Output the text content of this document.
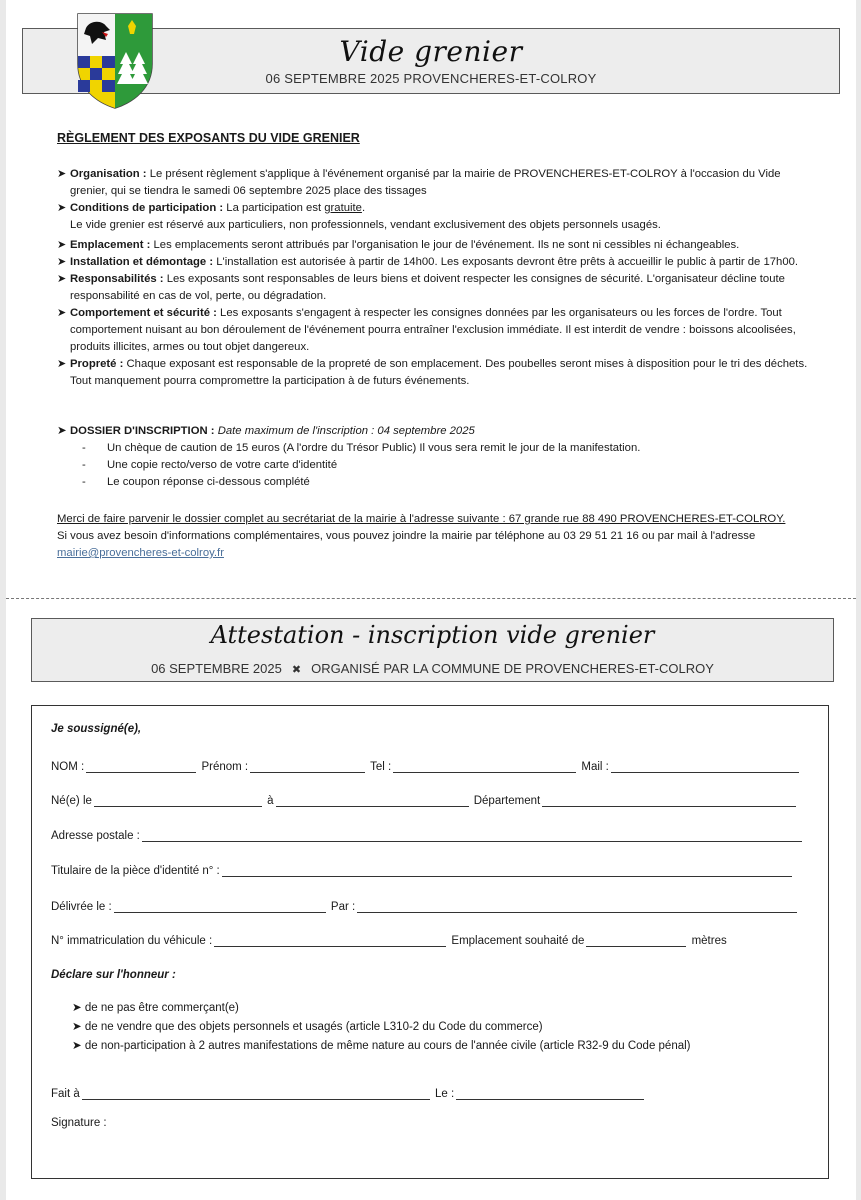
Vide grenier
06 SEPTEMBRE 2025 PROVENCHERES-ET-COLROY
RÈGLEMENT DES EXPOSANTS DU VIDE GRENIER
➤ Organisation : Le présent règlement s'applique à l'événement organisé par la mairie de PROVENCHERES-ET-COLROY à l'occasion du Vide grenier, qui se tiendra le samedi 06 septembre 2025 place des tissages
➤ Conditions de participation : La participation est gratuite.
Le vide grenier est réservé aux particuliers, non professionnels, vendant exclusivement des objets personnels usagés.
➤ Emplacement : Les emplacements seront attribués par l'organisation le jour de l'événement. Ils ne sont ni cessibles ni échangeables.
➤ Installation et démontage : L'installation est autorisée à partir de 14h00. Les exposants devront être prêts à accueillir le public à partir de 17h00.
➤ Responsabilités : Les exposants sont responsables de leurs biens et doivent respecter les consignes de sécurité. L'organisateur décline toute responsabilité en cas de vol, perte, ou dégradation.
➤ Comportement et sécurité : Les exposants s'engagent à respecter les consignes données par les organisateurs ou les forces de l'ordre. Tout comportement nuisant au bon déroulement de l'événement pourra entraîner l'exclusion immédiate. Il est interdit de vendre : boissons alcoolisées, produits illicites, armes ou tout objet dangereux.
➤ Propreté : Chaque exposant est responsable de la propreté de son emplacement. Des poubelles seront mises à disposition pour le tri des déchets. Tout manquement pourra compromettre la participation à de futurs événements.
➤ DOSSIER D'INSCRIPTION : Date maximum de l'inscription : 04 septembre 2025
- Un chèque de caution de 15 euros (A l'ordre du Trésor Public) Il vous sera remit le jour de la manifestation.
- Une copie recto/verso de votre carte d'identité
- Le coupon réponse ci-dessous complété
Merci de faire parvenir le dossier complet au secrétariat de la mairie à l'adresse suivante : 67 grande rue 88 490 PROVENCHERES-ET-COLROY.
Si vous avez besoin d'informations complémentaires, vous pouvez joindre la mairie par téléphone au 03 29 51 21 16 ou par mail à l'adresse
mairie@provencheres-et-colroy.fr
Attestation - inscription vide grenier
06 SEPTEMBRE 2025 ✖ ORGANISÉ PAR LA COMMUNE DE PROVENCHERES-ET-COLROY
Je soussigné(e),
NOM :	Prénom :	Tel :	Mail :
Né(e) le	à	Département
Adresse postale :
Titulaire de la pièce d'identité n° :
Délivrée le :	Par :
N° immatriculation du véhicule :	Emplacement souhaité de	mètres
Déclare sur l'honneur :
➤ de ne pas être commerçant(e)
➤ de ne vendre que des objets personnels et usagés (article L310-2 du Code du commerce)
➤ de non-participation à 2 autres manifestations de même nature au cours de l'année civile (article R32-9 du Code pénal)
Fait à	Le :
Signature :
